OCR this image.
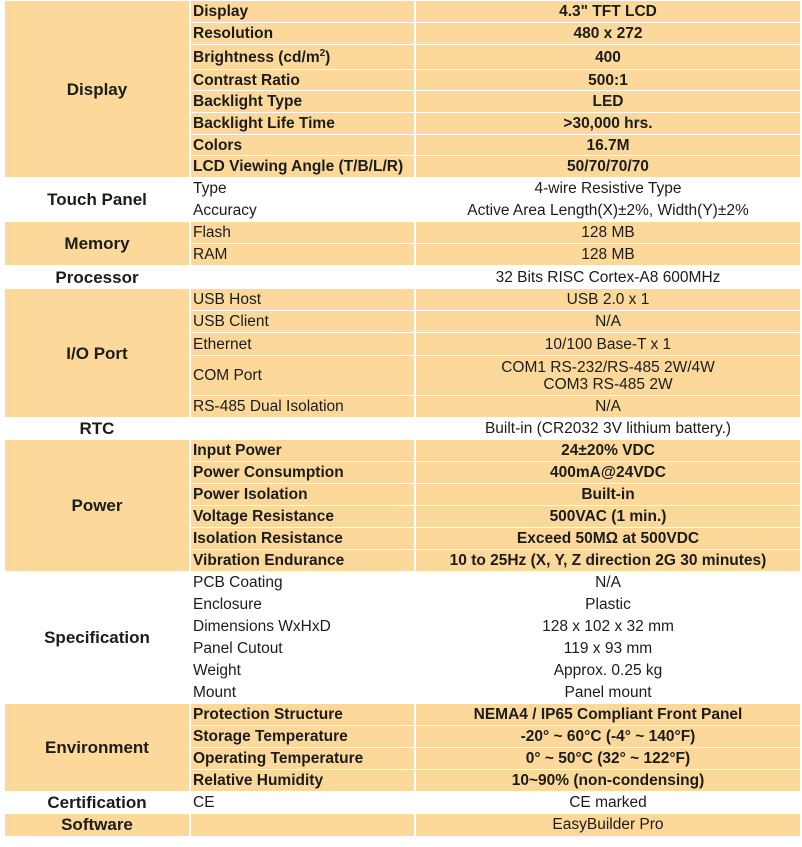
Display	Display	4.3" TFT LCD
	Resolution	480 x 272
	Brightness $(cd/m^2)$	400
	Contrast Ratio	500:1
	Backlight Type	LED
	Backlight Life Time	>30,000 hrs.
	Colors	16.7M
	LCD Viewing Angle (T/B/L/R)	50/70/70/70
Touch Panel	Type	4-wire Resistive Type
	Accuracy	Active Area Length(X)±2%, Width(Y)±2%
Memory	Flash	128 MB
	RAM	128 MB
Processor		32 Bits RISC Cortex-A8 600MHz
I/O Port	USB Host	USB 2.0 x 1
	USB Client	N/A
	Ethernet	10/100 Base-T x 1
	COM Port	COM1 RS-232/RS-485 2W/4W
COM3 RS-485 2W

	RS-485 Dual Isolation	N/A
RTC		Built-in (CR2032 3V lithium battery.)
Power	Input Power	24±20% VDC
	Power Consumption	400mA@24VDC
	Power Isolation	Built-in
	Voltage Resistance	500VAC (1 min.)
	Isolation Resistance	Exceed 50MΩ at 500VDC
	Vibration Endurance	10 to 25Hz (X, Y, Z direction 2G 30 minutes)
Specification	PCB Coating	N/A
	Enclosure	Plastic
	Dimensions WxHxD	128 x 102 x 32 mm
	Panel Cutout	119 x 93 mm
	Weight	Approx. 0.25 kg
	Mount	Panel mount
Environment	Protection Structure	NEMA4 / IP65 Compliant Front Panel
	Storage Temperature	-20° ~ 60°C (-4° ~ 140°F)
	Operating Temperature	0° ~ 50°C (32° ~ 122°F)
	Relative Humidity	10~90% (non-condensing)
Certification	CE	CE marked
Software		EasyBuilder Pro
